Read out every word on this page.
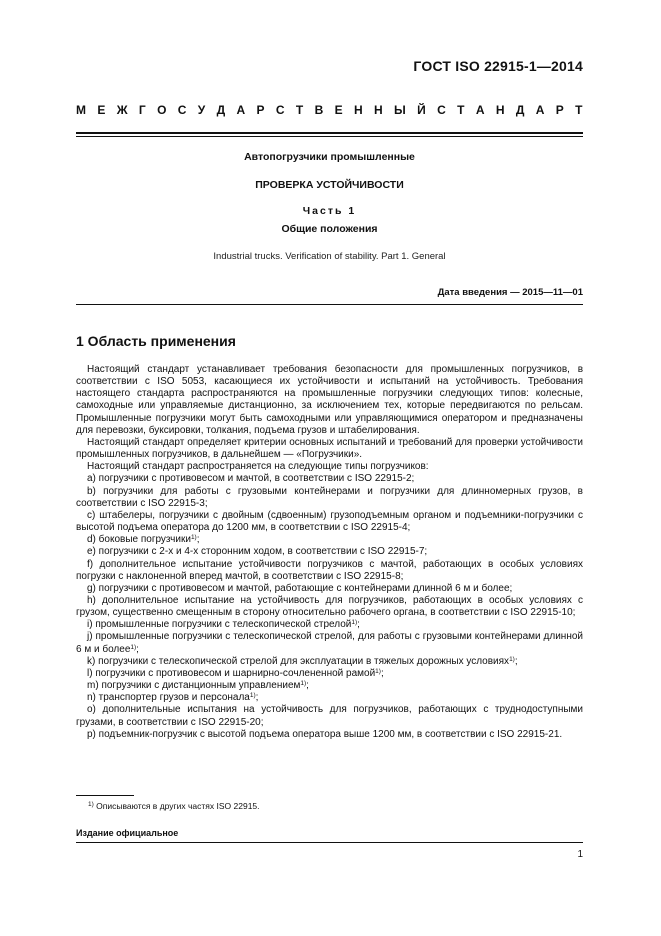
ГОСТ ISO 22915-1—2014
М Е Ж Г О С У Д А Р С Т В Е Н Н Ы Й С Т А Н Д А Р Т
Автопогрузчики промышленные
ПРОВЕРКА УСТОЙЧИВОСТИ
Часть 1
Общие положения
Industrial trucks. Verification of stability. Part 1. General
Дата введения — 2015—11—01
1 Область применения

Настоящий стандарт устанавливает требования безопасности для промышленных погрузчиков, в соответствии с ISO 5053, касающиеся их устойчивости и испытаний на устойчивость. Требования настоящего стандарта распространяются на промышленные погрузчики следующих типов: колесные, самоходные или управляемые дистанционно, за исключением тех, которые передвигаются по рельсам. Промышленные погрузчики могут быть самоходными или управляющимися оператором и предназначены для перевозки, буксировки, толкания, подъема грузов и штабелирования.

Настоящий стандарт определяет критерии основных испытаний и требований для проверки устойчивости промышленных погрузчиков, в дальнейшем — «Погрузчики».

Настоящий стандарт распространяется на следующие типы погрузчиков:

a) погрузчики с противовесом и мачтой, в соответствии с ISO 22915-2;

b) погрузчики для работы с грузовыми контейнерами и погрузчики для длинномерных грузов, в соответствии с ISO 22915-3;

c) штабелеры, погрузчики с двойным (сдвоенным) грузоподъемным органом и подъемники-погрузчики с высотой подъема оператора до 1200 мм, в соответствии с ISO 22915-4;

d) боковые погрузчики$^{1)}$;

e) погрузчики с 2-х и 4-х сторонним ходом, в соответствии с ISO 22915-7;

f) дополнительное испытание устойчивости погрузчиков с мачтой, работающих в особых условиях погрузки с наклоненной вперед мачтой, в соответствии с ISO 22915-8;

g) погрузчики с противовесом и мачтой, работающие с контейнерами длинной 6 м и более;

h) дополнительное испытание на устойчивость для погрузчиков, работающих в особых условиях с грузом, существенно смещенным в сторону относительно рабочего органа, в соответствии с ISO 22915-10;

i) промышленные погрузчики с телескопической стрелой$^{1)}$;

j) промышленные погрузчики с телескопической стрелой, для работы с грузовыми контейнерами длинной 6 м и более$^{1)}$;

k) погрузчики с телескопической стрелой для эксплуатации в тяжелых дорожных условиях$^{1)}$;

l) погрузчики с противовесом и шарнирно-сочлененной рамой$^{1)}$;

m) погрузчики с дистанционным управлением$^{1)}$;

n) транспортер грузов и персонала$^{1)}$;

o) дополнительные испытания на устойчивость для погрузчиков, работающих с труднодоступными грузами, в соответствии с ISO 22915-20;

p) подъемник-погрузчик с высотой подъема оператора выше 1200 мм, в соответствии с ISO 22915-21.

$^{1)}$ Описываются в других частях ISO 22915.
Издание официальное
1
